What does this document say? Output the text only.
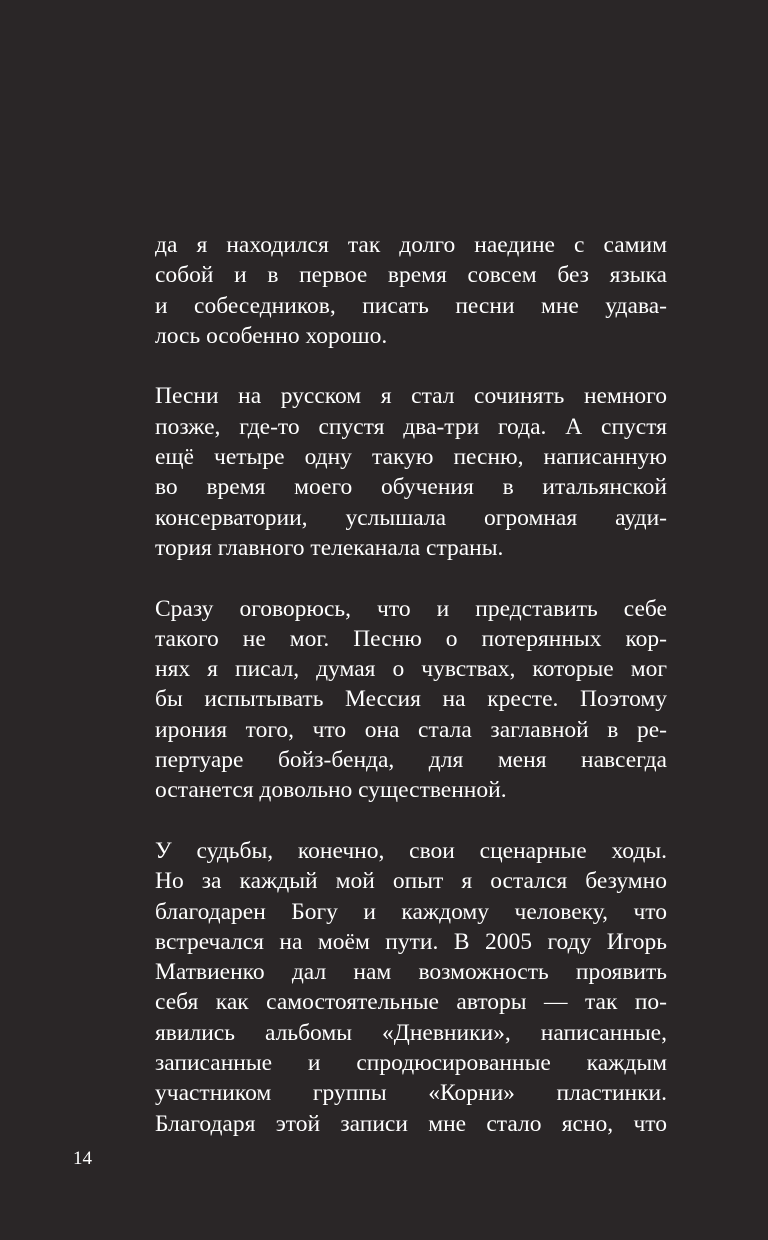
да я находился так долго наедине с самим
собой и в первое время совсем без языка
и собеседников, писать песни мне удава-
лось особенно хорошо.
Песни на русском я стал сочинять немного
позже, где-то спустя два-три года. А спустя
ещё четыре одну такую песню, написанную
во время моего обучения в итальянской
консерватории, услышала огромная ауди-
тория главного телеканала страны.
Сразу оговорюсь, что и представить себе
такого не мог. Песню о потерянных кор-
нях я писал, думая о чувствах, которые мог
бы испытывать Мессия на кресте. Поэтому
ирония того, что она стала заглавной в ре-
пертуаре бойз-бенда, для меня навсегда
останется довольно существенной.
У судьбы, конечно, свои сценарные ходы.
Но за каждый мой опыт я остался безумно
благодарен Богу и каждому человеку, что
встречался на моём пути. В 2005 году Игорь
Матвиенко дал нам возможность проявить
себя как самостоятельные авторы — так по-
явились альбомы «Дневники», написанные,
записанные и спродюсированные каждым
участником группы «Корни» пластинки.
Благодаря этой записи мне стало ясно, что
14
